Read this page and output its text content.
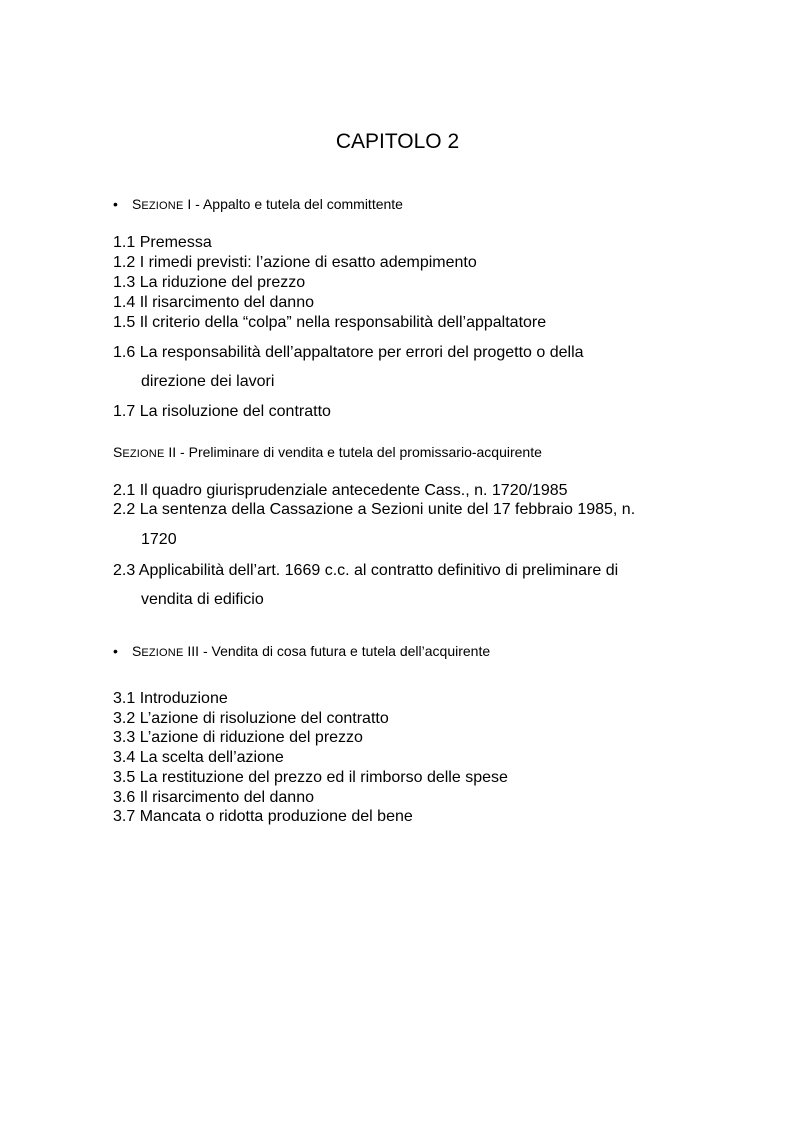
CAPITOLO 2
• SEZIONE I - Appalto e tutela del committente
1.1 Premessa
1.2 I rimedi previsti: l’azione di esatto adempimento
1.3 La riduzione del prezzo
1.4 Il risarcimento del danno
1.5 Il criterio della “colpa” nella responsabilità dell’appaltatore
1.6 La responsabilità dell’appaltatore per errori del progetto o della
direzione dei lavori
1.7 La risoluzione del contratto
SEZIONE II - Preliminare di vendita e tutela del promissario-acquirente
2.1 Il quadro giurisprudenziale antecedente Cass., n. 1720/1985
2.2 La sentenza della Cassazione a Sezioni unite del 17 febbraio 1985, n.
1720
2.3 Applicabilità dell’art. 1669 c.c. al contratto definitivo di preliminare di
vendita di edificio
• SEZIONE III - Vendita di cosa futura e tutela dell’acquirente
3.1 Introduzione
3.2 L’azione di risoluzione del contratto
3.3 L’azione di riduzione del prezzo
3.4 La scelta dell’azione
3.5 La restituzione del prezzo ed il rimborso delle spese
3.6 Il risarcimento del danno
3.7 Mancata o ridotta produzione del bene
